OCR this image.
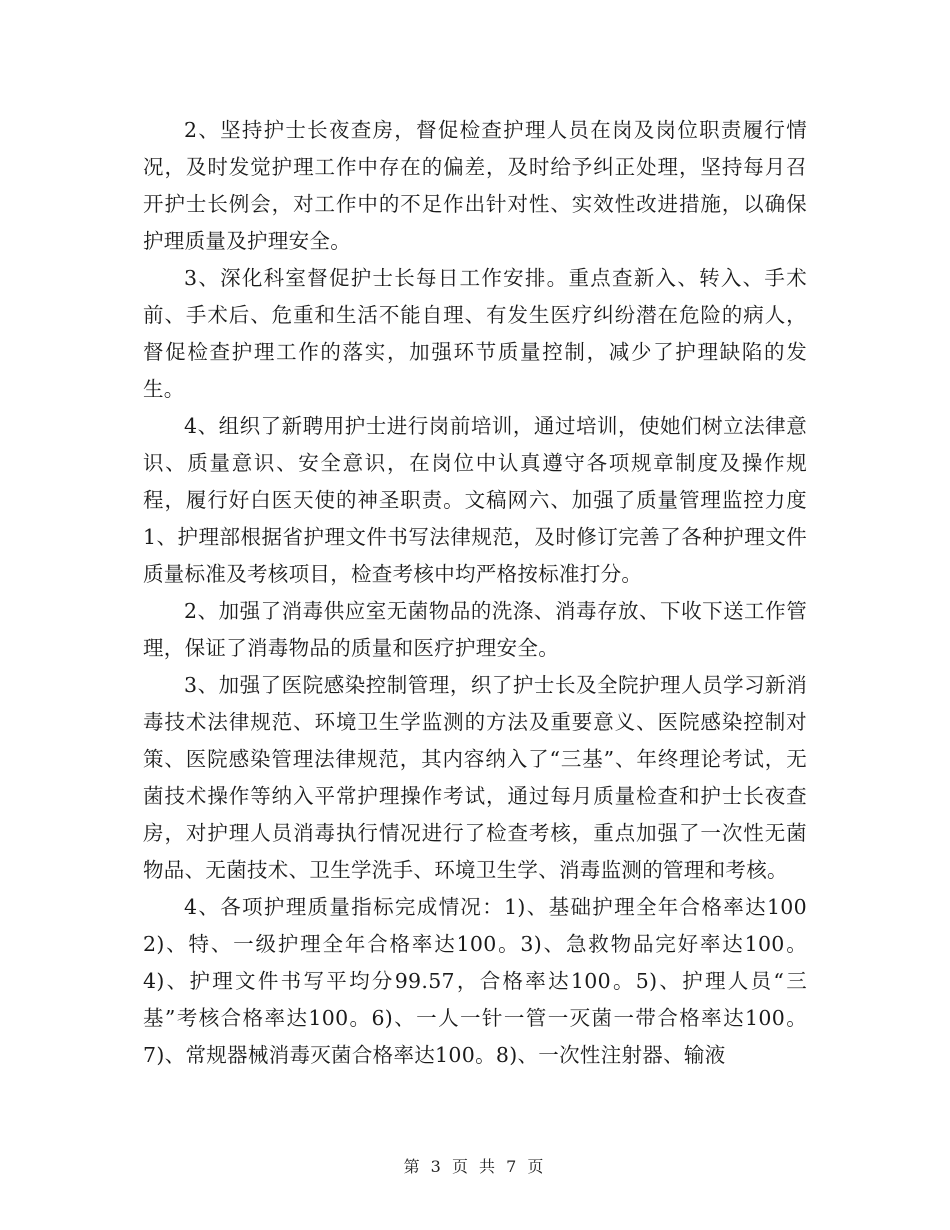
2、坚持护士长夜查房，督促检查护理人员在岗及岗位职责履行情况，及时发觉护理工作中存在的偏差，及时给予纠正处理，坚持每月召开护士长例会，对工作中的不足作出针对性、实效性改进措施，以确保护理质量及护理安全。

3、深化科室督促护士长每日工作安排。重点查新入、转入、手术前、手术后、危重和生活不能自理、有发生医疗纠纷潜在危险的病人，督促检查护理工作的落实，加强环节质量控制，减少了护理缺陷的发生。

4、组织了新聘用护士进行岗前培训，通过培训，使她们树立法律意识、质量意识、安全意识，在岗位中认真遵守各项规章制度及操作规程，履行好白医天使的神圣职责。文稿网六、加强了质量管理监控力度1、护理部根据省护理文件书写法律规范，及时修订完善了各种护理文件质量标准及考核项目，检查考核中均严格按标准打分。

2、加强了消毒供应室无菌物品的洗涤、消毒存放、下收下送工作管理，保证了消毒物品的质量和医疗护理安全。

3、加强了医院感染控制管理，织了护士长及全院护理人员学习新消毒技术法律规范、环境卫生学监测的方法及重要意义、医院感染控制对策、医院感染管理法律规范，其内容纳入了“三基”、年终理论考试，无菌技术操作等纳入平常护理操作考试，通过每月质量检查和护士长夜查房，对护理人员消毒执行情况进行了检查考核，重点加强了一次性无菌物品、无菌技术、卫生学洗手、环境卫生学、消毒监测的管理和考核。

4、各项护理质量指标完成情况：1)、基础护理全年合格率达1002)、特、一级护理全年合格率达100。3)、急救物品完好率达100。4)、护理文件书写平均分99.57，合格率达100。5)、护理人员“三基”考核合格率达100。6)、一人一针一管一灭菌一带合格率达100。7)、常规器械消毒灭菌合格率达100。8)、一次性注射器、输液

第 3 页 共 7 页
